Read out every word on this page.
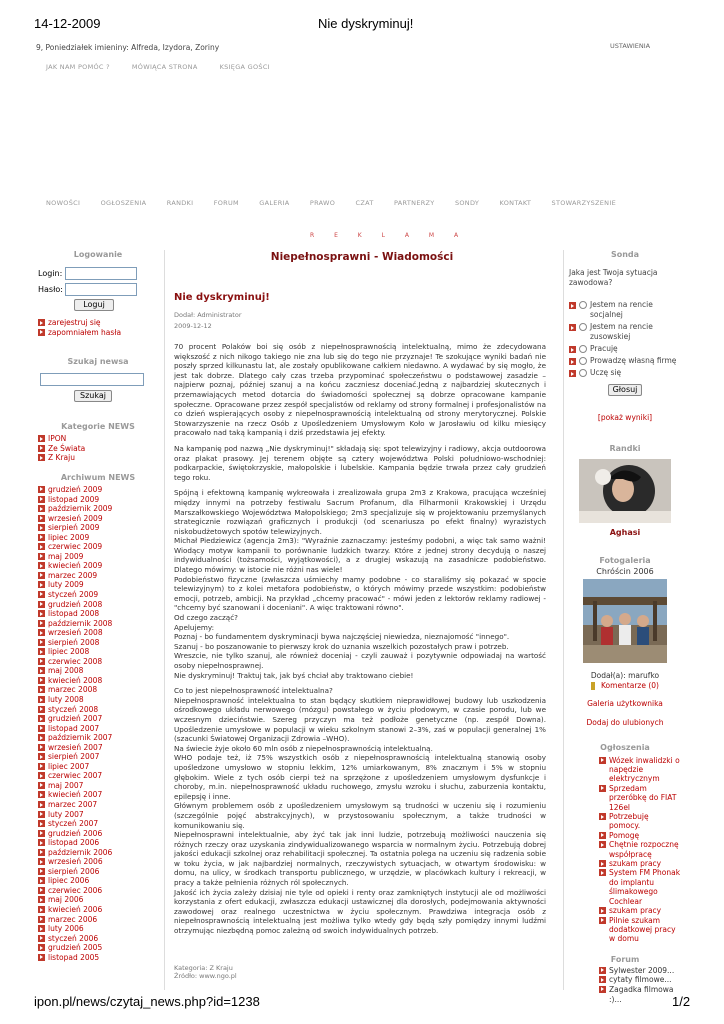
14-12-2009	Nie dyskryminuj!
9, Poniedziałek imieniny: Alfreda, Izydora, Zoriny	USTAWIENIA
JAK NAM POMÓC ?	MÓWIĄCA STRONA	KSIĘGA GOŚCI
NOWOŚCI	OGŁOSZENIA	RANDKI	FORUM	GALERIA	PRAWO	CZAT	PARTNERZY	SONDY	KONTAKT	STOWARZYSZENIE
R E K L A M A
Logowanie
Login:
Hasło:
Loguj
zarejestruj się
zapomniałem hasła
Szukaj newsa
Szukaj
Kategorie NEWS
IPON
Ze Świata
Z Kraju
Archiwum NEWS
grudzień 2009
listopad 2009
październik 2009
wrzesień 2009
sierpień 2009
lipiec 2009
czerwiec 2009
maj 2009
kwiecień 2009
marzec 2009
luty 2009
styczeń 2009
grudzień 2008
listopad 2008
październik 2008
wrzesień 2008
sierpień 2008
lipiec 2008
czerwiec 2008
maj 2008
kwiecień 2008
marzec 2008
luty 2008
styczeń 2008
grudzień 2007
listopad 2007
październik 2007
wrzesień 2007
sierpień 2007
lipiec 2007
czerwiec 2007
maj 2007
kwiecień 2007
marzec 2007
luty 2007
styczeń 2007
grudzień 2006
listopad 2006
październik 2006
wrzesień 2006
sierpień 2006
lipiec 2006
czerwiec 2006
maj 2006
kwiecień 2006
marzec 2006
luty 2006
styczeń 2006
grudzień 2005
listopad 2005
Niepełnosprawni - Wiadomości
Nie dyskryminuj!
Dodał: Administrator
2009-12-12

70 procent Polaków boi się osób z niepełnosprawnością intelektualną, mimo że zdecydowana większość z nich nikogo takiego nie zna lub się do tego nie przyznaje! Te szokujące wyniki badań nie poszły sprzed kilkunastu lat, ale zostały opublikowane całkiem niedawno. A wydawać by się mogło, że jest tak dobrze. Dlatego cały czas trzeba przypominać społeczeństwu o podstawowej zasadzie – najpierw poznaj, później szanuj a na końcu zaczniesz doceniać.Jedną z najbardziej skutecznych i przemawiających metod dotarcia do świadomości społecznej są dobrze opracowane kampanie społeczne. Opracowane przez zespół specjalistów od reklamy od strony formalnej i profesjonalistów na co dzień wspierających osoby z niepełnosprawnością intelektualną od strony merytorycznej. Polskie Stowarzyszenie na rzecz Osób z Upośledzeniem Umysłowym Koło w Jarosławiu od kilku miesięcy pracowało nad taką kampanią i dziś przedstawia jej efekty.

Na kampanię pod nazwą „Nie dyskryminuj!" składają się: spot telewizyjny i radiowy, akcja outdoorowa oraz plakat prasowy. Jej terenem objęte są cztery województwa Polski południowo-wschodniej: podkarpackie, świętokrzyskie, małopolskie i lubelskie. Kampania będzie trwała przez cały grudzień tego roku.

Spójną i efektowną kampanię wykreowała i zrealizowała grupa 2m3 z Krakowa, pracująca wcześniej między innymi na potrzeby festiwalu Sacrum Profanum, dla Filharmonii Krakowskiej i Urzędu Marszałkowskiego Województwa Małopolskiego; 2m3 specjalizuje się w projektowaniu przemyślanych strategicznie rozwiązań graficznych i produkcji (od scenariusza po efekt finalny) wyrazistych niskobudżetowych spotów telewizyjnych.
Michał Piedziewicz (agencja 2m3): "Wyraźnie zaznaczamy: jesteśmy podobni, a więc tak samo ważni! Wiodący motyw kampanii to porównanie ludzkich twarzy. Które z jednej strony decydują o naszej indywidualności (tożsamości, wyjątkowości), a z drugiej wskazują na zasadnicze podobieństwo. Dlatego mówimy: w istocie nie różni nas wiele!
Podobieństwo fizyczne (zwłaszcza uśmiechy mamy podobne - co staraliśmy się pokazać w spocie telewizyjnym) to z kolei metafora podobieństw, o których mówimy przede wszystkim: podobieństw emocji, potrzeb, ambicji. Na przykład „chcemy pracować" - mówi jeden z lektorów reklamy radiowej - "chcemy być szanowani i doceniani". A więc traktowani równo".
Od czego zacząć?
Apelujemy:
Poznaj - bo fundamentem dyskryminacji bywa najczęściej niewiedza, nieznajomość "innego".
Szanuj - bo poszanowanie to pierwszy krok do uznania wszelkich pozostałych praw i potrzeb.
Wreszcie, nie tylko szanuj, ale również doceniaj - czyli zauważ i pozytywnie odpowiadaj na wartość osoby niepełnosprawnej.
Nie dyskryminuj! Traktuj tak, jak byś chciał aby traktowano ciebie!

Co to jest niepełnosprawność intelektualna?
Niepełnosprawność intelektualna to stan będący skutkiem nieprawidłowej budowy lub uszkodzenia ośrodkowego układu nerwowego (mózgu) powstałego w życiu płodowym, w czasie porodu, lub we wczesnym dzieciństwie. Szereg przyczyn ma też podłoże genetyczne (np. zespół Downa). Upośledzenie umysłowe w populacji w wieku szkolnym stanowi 2–3%, zaś w populacji generalnej 1% (szacunki Światowej Organizacji Zdrowia –WHO).
Na świecie żyje około 60 mln osób z niepełnosprawnością intelektualną.
WHO podaje też, iż 75% wszystkich osób z niepełnosprawnością intelektualną stanowią osoby upośledzone umysłowo w stopniu lekkim, 12% umiarkowanym, 8% znacznym i 5% w stopniu głębokim. Wiele z tych osób cierpi też na sprzężone z upośledzeniem umysłowym dysfunkcje i choroby, m.in. niepełnosprawność układu ruchowego, zmysłu wzroku i słuchu, zaburzenia kontaktu, epilepsję i inne.
Głównym problemem osób z upośledzeniem umysłowym są trudności w uczeniu się i rozumieniu (szczególnie pojęć abstrakcyjnych), w przystosowaniu społecznym, a także trudności w komunikowaniu się.
Niepełnosprawni intelektualnie, aby żyć tak jak inni ludzie, potrzebują możliwości nauczenia się różnych rzeczy oraz uzyskania zindywidualizowanego wsparcia w normalnym życiu. Potrzebują dobrej jakości edukacji szkolnej oraz rehabilitacji społecznej. Ta ostatnia polega na uczeniu się radzenia sobie w toku życia, w jak najbardziej normalnych, rzeczywistych sytuacjach, w otwartym środowisku: w domu, na ulicy, w środkach transportu publicznego, w urzędzie, w placówkach kultury i rekreacji, w pracy a także pełnienia różnych ról społecznych.
Jakość ich życia zależy dzisiaj nie tyle od opieki i renty oraz zamkniętych instytucji ale od możliwości korzystania z ofert edukacji, zwłaszcza edukacji ustawicznej dla dorosłych, podejmowania aktywności zawodowej oraz realnego uczestnictwa w życiu społecznym. Prawdziwa integracja osób z niepełnosprawnością intelektualną jest możliwa tylko wtedy gdy będą szły pomiędzy innymi ludźmi otrzymując niezbędną pomoc zależną od swoich indywidualnych potrzeb.

Kategoria: Z Kraju
Źródło: www.ngo.pl
Sonda
Jaka jest Twoja sytuacja zawodowa?
Jestem na rencie socjalnej
Jestem na rencie zusowskiej
Pracuję
Prowadzę własną firmę
Uczę się
Głosuj
[pokaż wyniki]
Randki
Aghasi
Fotogaleria
Chróścin 2006
Dodał(a): marufko
Komentarze (0)
Galeria użytkownika
Dodaj do ulubionych
Ogłoszenia
Wózek inwalidzki o napędzie elektrycznym
Sprzedam przeróbkę do FIAT 126el
Potrzebuję pomocy.
Pomogę
Chętnie rozpocznę współpracę
szukam pracy
System FM Phonak do implantu ślimakowego Cochlear
szukam pracy
Pilnie szukam dodatkowej pracy w domu
Forum
Sylwester 2009...
cytaty filmowe...
Zagadka filmowa :)...
ipon.pl/news/czytaj_news.php?id=1238	1/2
